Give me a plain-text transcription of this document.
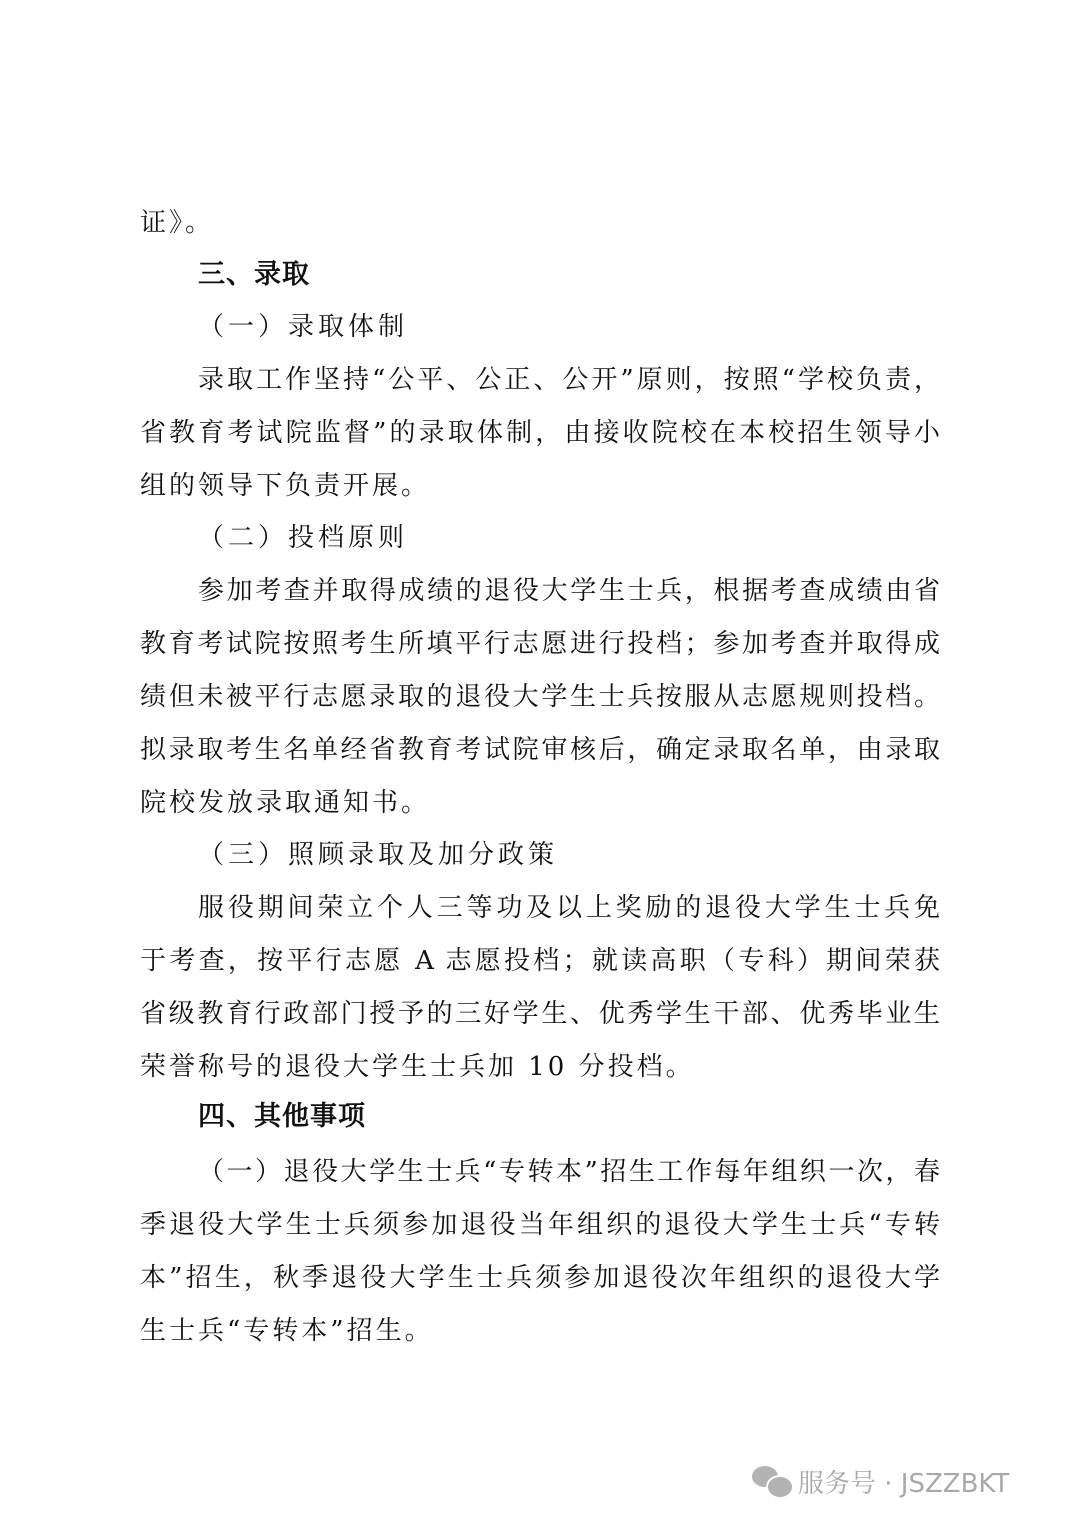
证》。
三、录取
（一）录取体制
录取工作坚持“公平、公正、公开”原则，按照“学校负责，
省教育考试院监督”的录取体制，由接收院校在本校招生领导小
组的领导下负责开展。
（二）投档原则
参加考查并取得成绩的退役大学生士兵，根据考查成绩由省
教育考试院按照考生所填平行志愿进行投档；参加考查并取得成
绩但未被平行志愿录取的退役大学生士兵按服从志愿规则投档。
拟录取考生名单经省教育考试院审核后，确定录取名单，由录取
院校发放录取通知书。
（三）照顾录取及加分政策
服役期间荣立个人三等功及以上奖励的退役大学生士兵免
于考查，按平行志愿 A 志愿投档；就读高职（专科）期间荣获
省级教育行政部门授予的三好学生、优秀学生干部、优秀毕业生
荣誉称号的退役大学生士兵加 10 分投档。
四、其他事项
（一）退役大学生士兵“专转本”招生工作每年组织一次，春
季退役大学生士兵须参加退役当年组织的退役大学生士兵“专转
本”招生，秋季退役大学生士兵须参加退役次年组织的退役大学
生士兵“专转本”招生。
服务号 · JSZZBKT
